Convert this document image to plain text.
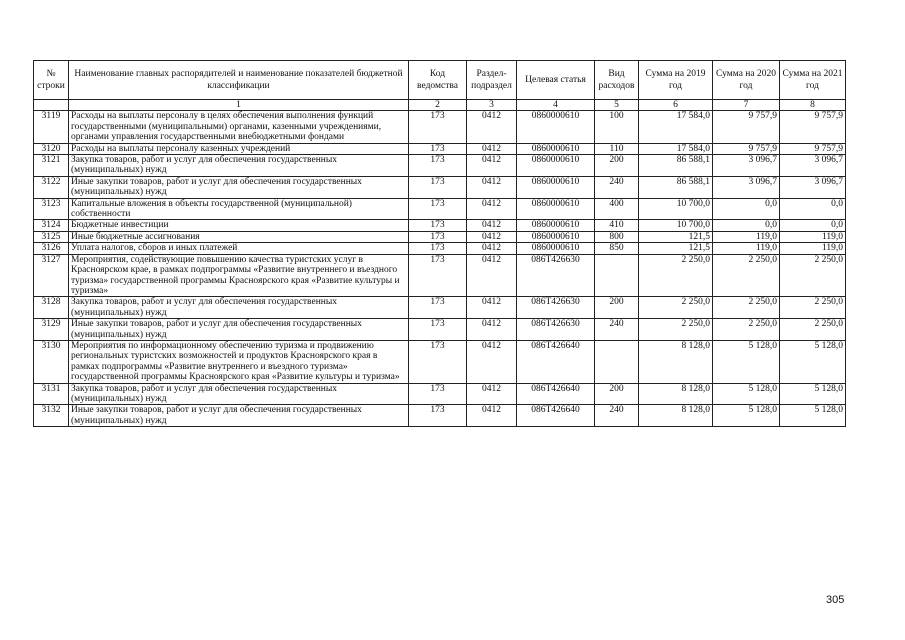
№ строки	Наименование главных распорядителей и наименование показателей бюджетной классификации	Код ведомства	Раздел-подраздел	Целевая статья	Вид расходов	Сумма на 2019 год	Сумма на 2020 год	Сумма на 2021 год
	1	2	3	4	5	6	7	8
3119	Расходы на выплаты персоналу в целях обеспечения выполнения функций государственными (муниципальными) органами, казенными учреждениями, органами управления государственными внебюджетными фондами	173	0412	0860000610	100	17 584,0	9 757,9	9 757,9
3120	Расходы на выплаты персоналу казенных учреждений	173	0412	0860000610	110	17 584,0	9 757,9	9 757,9
3121	Закупка товаров, работ и услуг для обеспечения государственных (муниципальных) нужд	173	0412	0860000610	200	86 588,1	3 096,7	3 096,7
3122	Иные закупки товаров, работ и услуг для обеспечения государственных (муниципальных) нужд	173	0412	0860000610	240	86 588,1	3 096,7	3 096,7
3123	Капитальные вложения в объекты государственной (муниципальной) собственности	173	0412	0860000610	400	10 700,0	0,0	0,0
3124	Бюджетные инвестиции	173	0412	0860000610	410	10 700,0	0,0	0,0
3125	Иные бюджетные ассигнования	173	0412	0860000610	800	121,5	119,0	119,0
3126	Уплата налогов, сборов и иных платежей	173	0412	0860000610	850	121,5	119,0	119,0
3127	Мероприятия, содействующие повышению качества туристских услуг в Красноярском крае, в рамках подпрограммы «Развитие внутреннего и въездного туризма» государственной программы Красноярского края «Развитие культуры и туризма»	173	0412	086Т426630		2 250,0	2 250,0	2 250,0
3128	Закупка товаров, работ и услуг для обеспечения государственных (муниципальных) нужд	173	0412	086Т426630	200	2 250,0	2 250,0	2 250,0
3129	Иные закупки товаров, работ и услуг для обеспечения государственных (муниципальных) нужд	173	0412	086Т426630	240	2 250,0	2 250,0	2 250,0
3130	Мероприятия по информационному обеспечению туризма и продвижению региональных туристских возможностей и продуктов Красноярского края в рамках подпрограммы «Развитие внутреннего и въездного туризма» государственной программы Красноярского края «Развитие культуры и туризма»	173	0412	086Т426640		8 128,0	5 128,0	5 128,0
3131	Закупка товаров, работ и услуг для обеспечения государственных (муниципальных) нужд	173	0412	086Т426640	200	8 128,0	5 128,0	5 128,0
3132	Иные закупки товаров, работ и услуг для обеспечения государственных (муниципальных) нужд	173	0412	086Т426640	240	8 128,0	5 128,0	5 128,0
305
